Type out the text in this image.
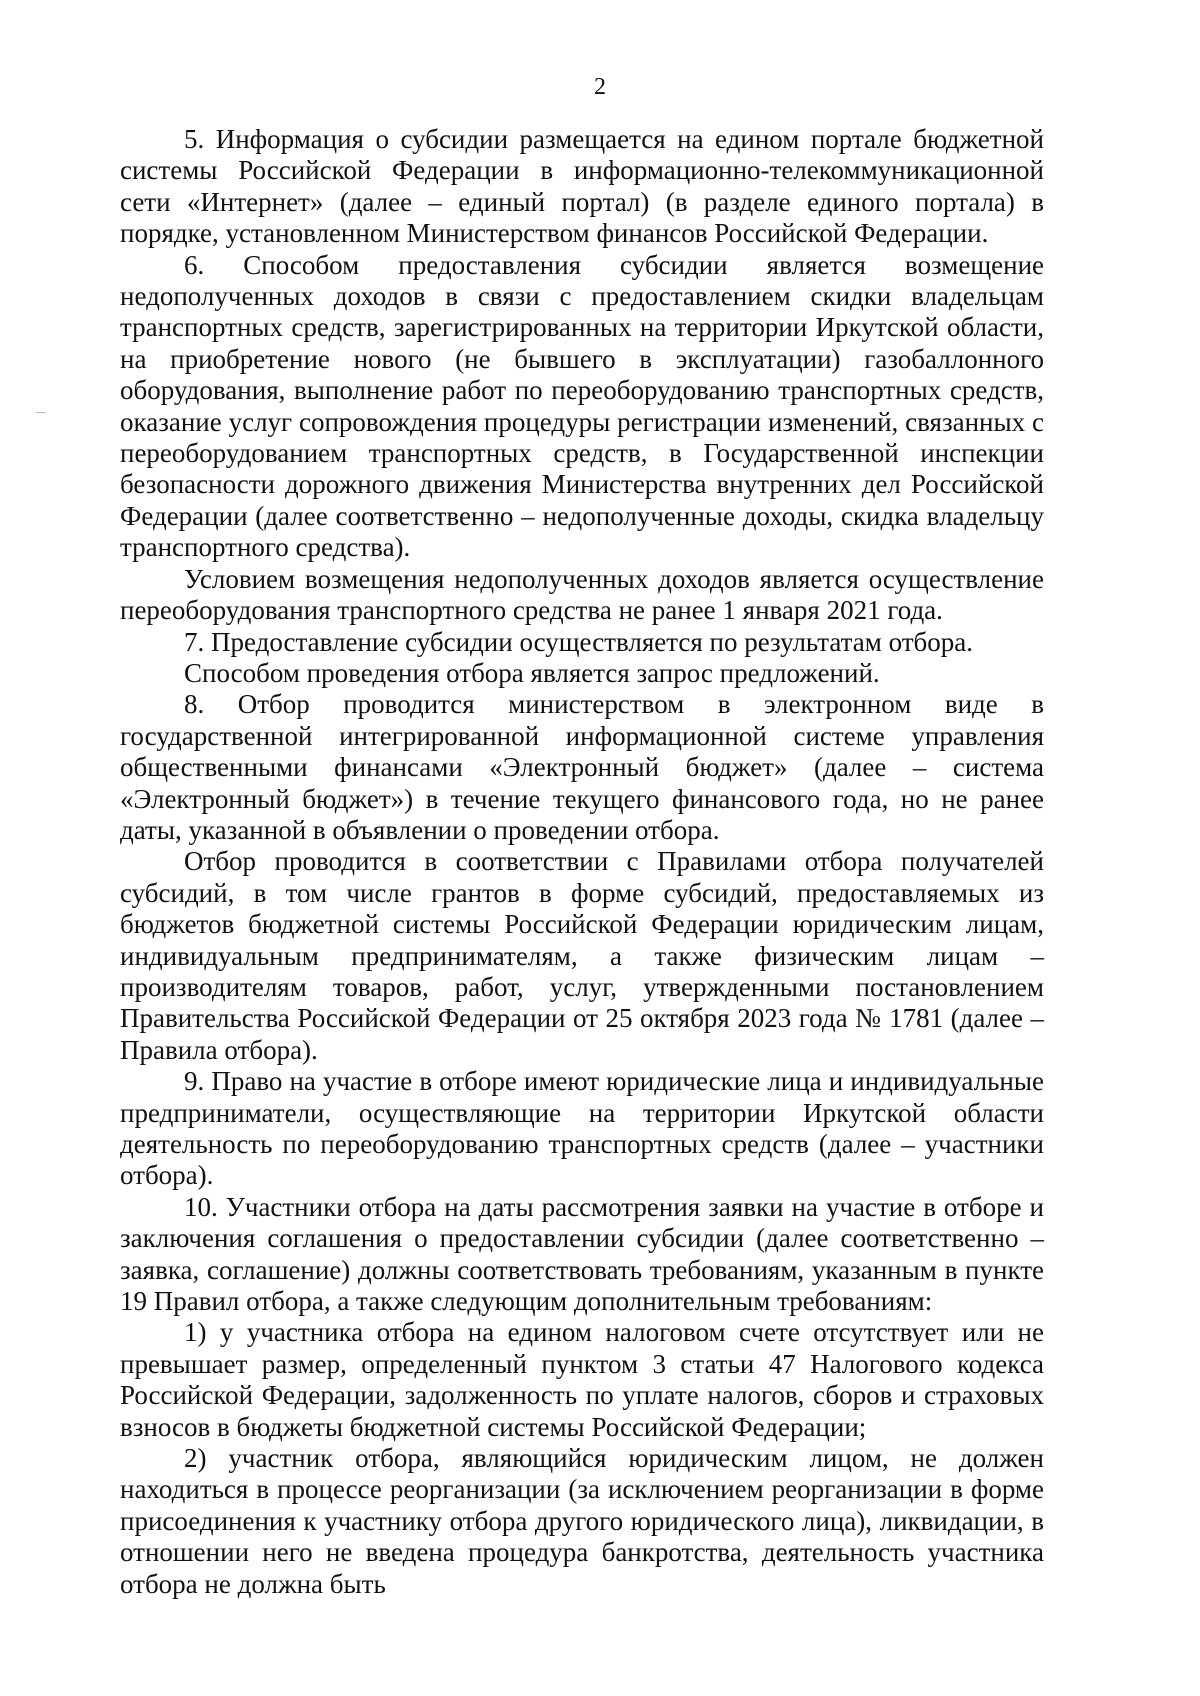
2

5. Информация о субсидии размещается на едином портале бюджетной системы Российской Федерации в информационно-телекоммуникационной сети «Интернет» (далее – единый портал) (в разделе единого портала) в порядке, установленном Министерством финансов Российской Федерации.

6. Способом предоставления субсидии является возмещение недополученных доходов в связи с предоставлением скидки владельцам транспортных средств, зарегистрированных на территории Иркутской области, на приобретение нового (не бывшего в эксплуатации) газобаллонного оборудования, выполнение работ по переоборудованию транспортных средств, оказание услуг сопровождения процедуры регистрации изменений, связанных с переоборудованием транспортных средств, в Государственной инспекции безопасности дорожного движения Министерства внутренних дел Российской Федерации (далее соответственно – недополученные доходы, скидка владельцу транспортного средства).

Условием возмещения недополученных доходов является осуществление переоборудования транспортного средства не ранее 1 января 2021 года.

7. Предоставление субсидии осуществляется по результатам отбора.

Способом проведения отбора является запрос предложений.

8. Отбор проводится министерством в электронном виде в государственной интегрированной информационной системе управления общественными финансами «Электронный бюджет» (далее – система «Электронный бюджет») в течение текущего финансового года, но не ранее даты, указанной в объявлении о проведении отбора.

Отбор проводится в соответствии с Правилами отбора получателей субсидий, в том числе грантов в форме субсидий, предоставляемых из бюджетов бюджетной системы Российской Федерации юридическим лицам, индивидуальным предпринимателям, а также физическим лицам – производителям товаров, работ, услуг, утвержденными постановлением Правительства Российской Федерации от 25 октября 2023 года № 1781 (далее – Правила отбора).

9. Право на участие в отборе имеют юридические лица и индивидуальные предприниматели, осуществляющие на территории Иркутской области деятельность по переоборудованию транспортных средств (далее – участники отбора).

10. Участники отбора на даты рассмотрения заявки на участие в отборе и заключения соглашения о предоставлении субсидии (далее соответственно – заявка, соглашение) должны соответствовать требованиям, указанным в пункте 19 Правил отбора, а также следующим дополнительным требованиям:

1) у участника отбора на едином налоговом счете отсутствует или не превышает размер, определенный пунктом 3 статьи 47 Налогового кодекса Российской Федерации, задолженность по уплате налогов, сборов и страховых взносов в бюджеты бюджетной системы Российской Федерации;

2) участник отбора, являющийся юридическим лицом, не должен находиться в процессе реорганизации (за исключением реорганизации в форме присоединения к участнику отбора другого юридического лица), ликвидации, в отношении него не введена процедура банкротства, деятельность участника отбора не должна быть
